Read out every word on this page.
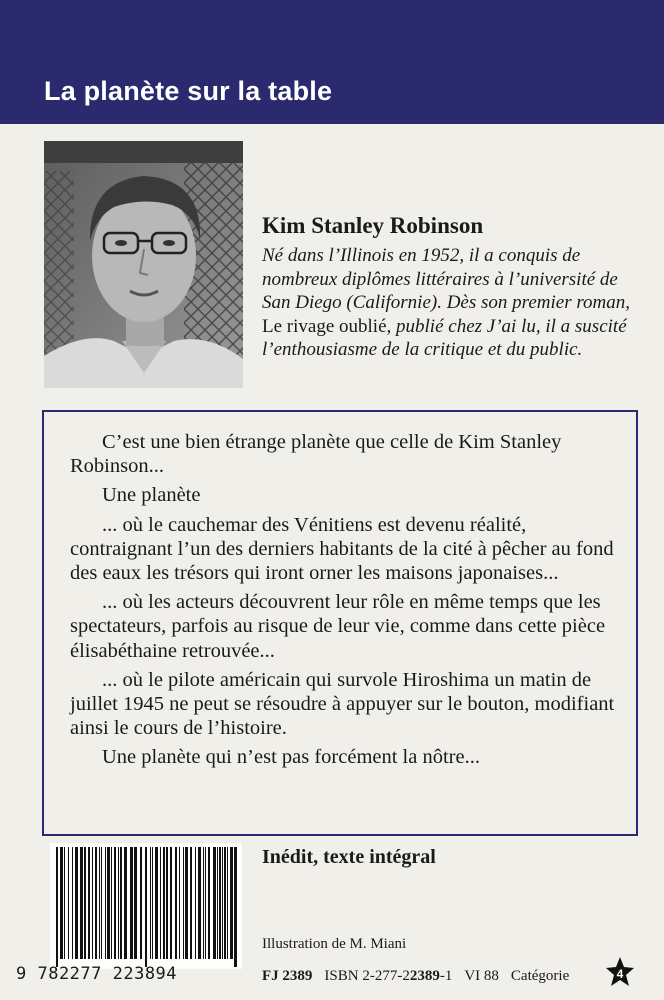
La planète sur la table
Kim Stanley Robinson
Né dans l’Illinois en 1952, il a conquis de nombreux diplômes littéraires à l’université de San Diego (Californie). Dès son premier roman, Le rivage oublié, publié chez J’ai lu, il a suscité l’enthousiasme de la critique et du public.

C’est une bien étrange planète que celle de Kim Stanley Robinson...

Une planète

... où le cauchemar des Vénitiens est devenu réalité, contraignant l’un des derniers habitants de la cité à pêcher au fond des eaux les trésors qui iront orner les maisons japonaises...

... où les acteurs découvrent leur rôle en même temps que les spectateurs, parfois au risque de leur vie, comme dans cette pièce élisabéthaine retrouvée...

... où le pilote américain qui survole Hiroshima un matin de juillet 1945 ne peut se résoudre à appuyer sur le bouton, modifiant ainsi le cours de l’histoire.

Une planète qui n’est pas forcément la nôtre...

9 782277 223894
Inédit, texte intégral
Illustration de M. Miani
FJ 2389 ISBN 2-277-22389-1 VI 88 Catégorie	4
